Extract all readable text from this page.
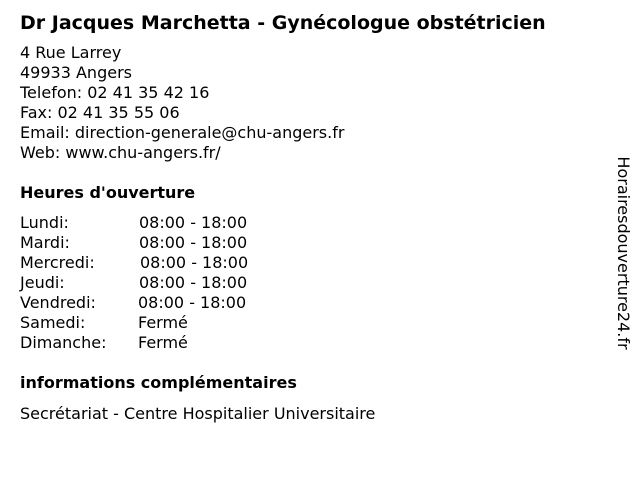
Dr Jacques Marchetta - Gynécologue obstétricien

4 Rue Larrey

49933 Angers

Telefon: 02 41 35 42 16

Fax: 02 41 35 55 06

Email: direction-generale@chu-angers.fr

Web: www.chu-angers.fr/

Heures d'ouverture
Lundi:	08:00 - 18:00
Mardi:	08:00 - 18:00
Mercredi:	08:00 - 18:00
Jeudi:	08:00 - 18:00
Vendredi:	08:00 - 18:00
Samedi:	Fermé
Dimanche: Fermé
informations complémentaires

Secrétariat - Centre Hospitalier Universitaire

Horairesdouverture24.fr
